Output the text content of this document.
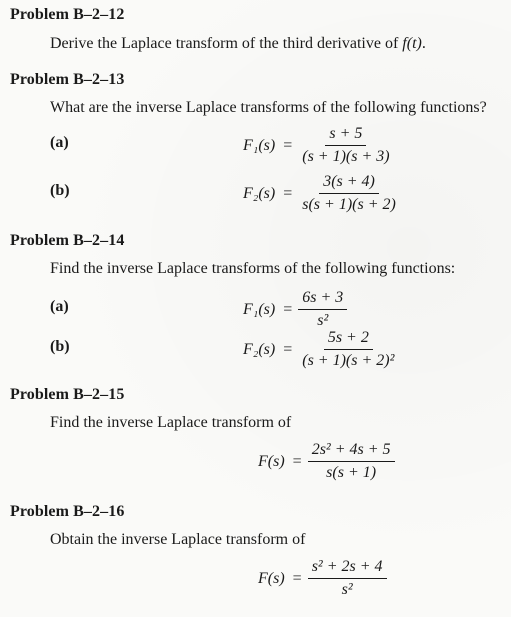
Problem B–2–12
Derive the Laplace transform of the third derivative of f(t).
Problem B–2–13
What are the inverse Laplace transforms of the following functions?
(a)	$F_1(s) = \frac{s + 5}{(s + 1)(s + 3)}$
(b)	$F_2(s) = \frac{3(s + 4)}{s(s + 1)(s + 2)}$
Problem B–2–14
Find the inverse Laplace transforms of the following functions:
(a)	$F_1(s) = \frac{6s + 3}{\text{s²}}$
(b)	$F_2(s) = \frac{5s + 2}{\text{(s + 1)(s + 2)²}}$
Problem B–2–15
Find the inverse Laplace transform of
$F(s) = \frac{\text{2s² + 4s + 5}}{s(s + 1)}$
Problem B–2–16
Obtain the inverse Laplace transform of
$F(s) = \frac{\text{s² + 2s + 4}}{\text{s²}}$
